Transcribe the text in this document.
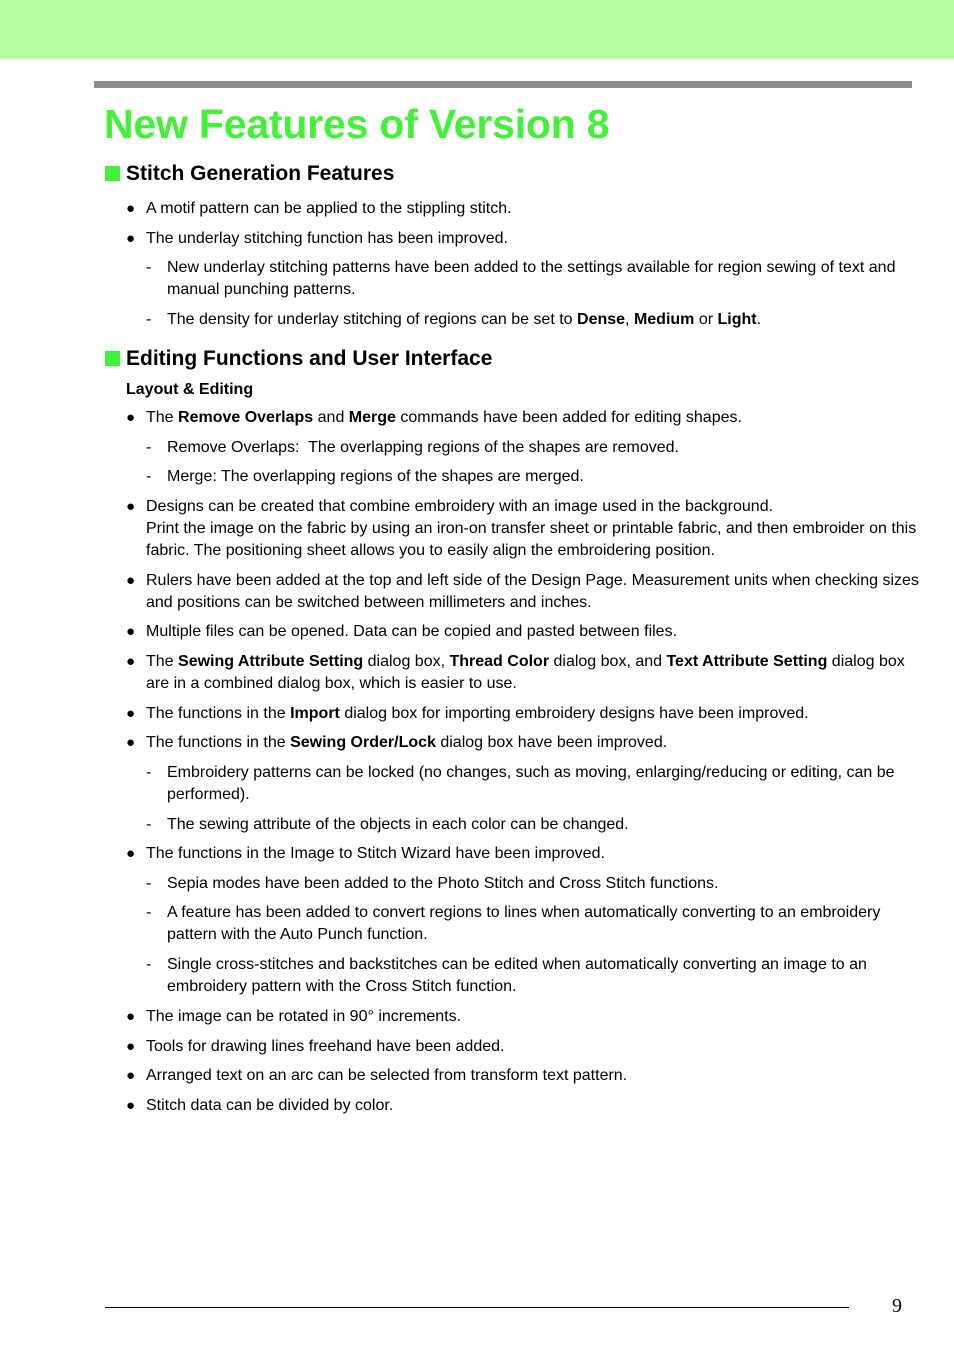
New Features of Version 8
Stitch Generation Features
● A motif pattern can be applied to the stippling stitch.
● The underlay stitching function has been improved.
- New underlay stitching patterns have been added to the settings available for region sewing of text and manual punching patterns.
- The density for underlay stitching of regions can be set to Dense, Medium or Light.
Editing Functions and User Interface
Layout & Editing
● The Remove Overlaps and Merge commands have been added for editing shapes.
- Remove Overlaps:  The overlapping regions of the shapes are removed.
- Merge: The overlapping regions of the shapes are merged.
● Designs can be created that combine embroidery with an image used in the background.
Print the image on the fabric by using an iron-on transfer sheet or printable fabric, and then embroider on this fabric. The positioning sheet allows you to easily align the embroidering position.
● Rulers have been added at the top and left side of the Design Page. Measurement units when checking sizes and positions can be switched between millimeters and inches.
● Multiple files can be opened. Data can be copied and pasted between files.
● The Sewing Attribute Setting dialog box, Thread Color dialog box, and Text Attribute Setting dialog box are in a combined dialog box, which is easier to use.
● The functions in the Import dialog box for importing embroidery designs have been improved.
● The functions in the Sewing Order/Lock dialog box have been improved.
- Embroidery patterns can be locked (no changes, such as moving, enlarging/reducing or editing, can be performed).
- The sewing attribute of the objects in each color can be changed.
● The functions in the Image to Stitch Wizard have been improved.
- Sepia modes have been added to the Photo Stitch and Cross Stitch functions.
- A feature has been added to convert regions to lines when automatically converting to an embroidery pattern with the Auto Punch function.
- Single cross-stitches and backstitches can be edited when automatically converting an image to an embroidery pattern with the Cross Stitch function.
● The image can be rotated in 90° increments.
● Tools for drawing lines freehand have been added.
● Arranged text on an arc can be selected from transform text pattern.
● Stitch data can be divided by color.
9
